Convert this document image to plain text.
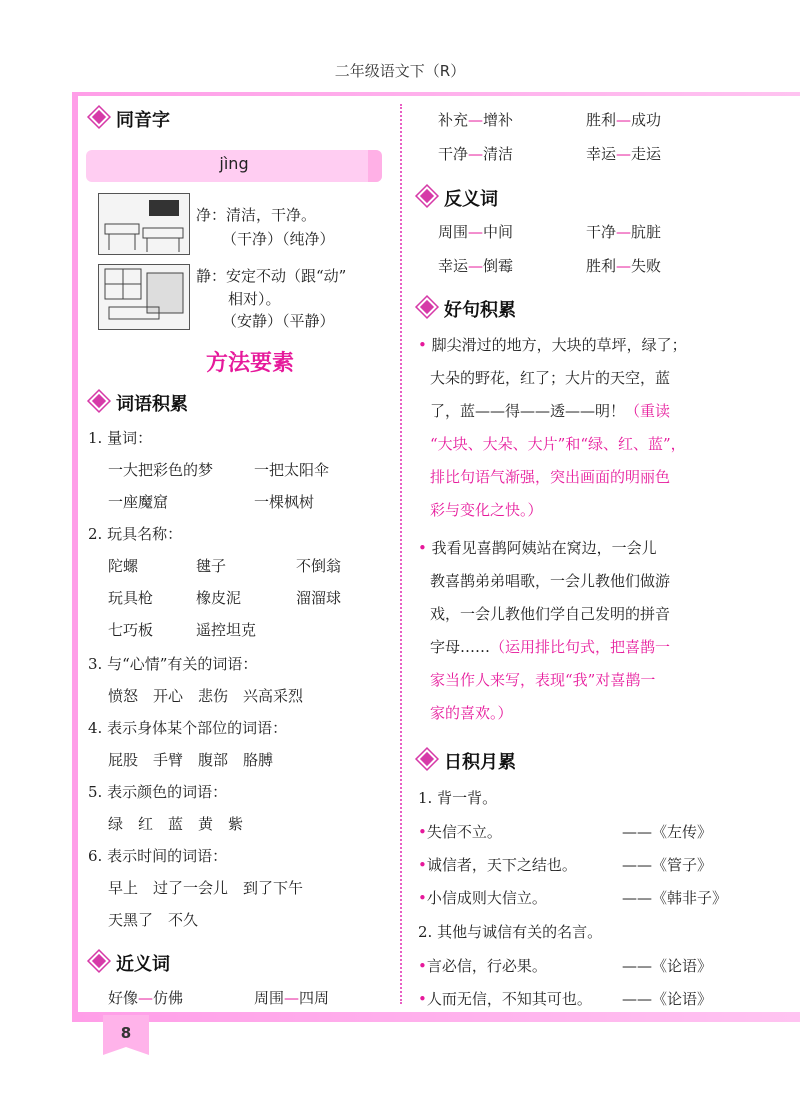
二年级语文下（R）
8
同音字
jìng
净：清洁，干净。
（干净）（纯净）
静：安定不动（跟“动”
相对）。
（安静）（平静）
方法要素
词语积累
1. 量词：
一大把彩色的梦	一把太阳伞
一座魔窟	一棵枫树
2. 玩具名称：
陀螺	毽子	不倒翁
玩具枪	橡皮泥	溜溜球
七巧板	遥控坦克
3. 与“心情”有关的词语：
愤怒　开心　悲伤　兴高采烈
4. 表示身体某个部位的词语：
屁股　手臂　腹部　胳膊
5. 表示颜色的词语：
绿　红　蓝　黄　紫
6. 表示时间的词语：
早上　过了一会儿　到了下午
天黑了　不久
近义词
好像—仿佛	周围—四周
补充—增补	胜利—成功
干净—清洁	幸运—走运
反义词
周围—中间	干净—肮脏
幸运—倒霉	胜利—失败
好句积累
• 脚尖滑过的地方，大块的草坪，绿了；
大朵的野花，红了；大片的天空，蓝
了，蓝——得——透——明！（重读
“大块、大朵、大片”和“绿、红、蓝”，
排比句语气渐强，突出画面的明丽色
彩与变化之快。）
• 我看见喜鹊阿姨站在窝边，一会儿
教喜鹊弟弟唱歌，一会儿教他们做游
戏，一会儿教他们学自己发明的拼音
字母……（运用排比句式，把喜鹊一
家当作人来写，表现“我”对喜鹊一
家的喜欢。）
日积月累
1. 背一背。
•失信不立。	——《左传》
•诚信者，天下之结也。	——《管子》
•小信成则大信立。	——《韩非子》
2. 其他与诚信有关的名言。
•言必信，行必果。	——《论语》
•人而无信，不知其可也。 ——《论语》
